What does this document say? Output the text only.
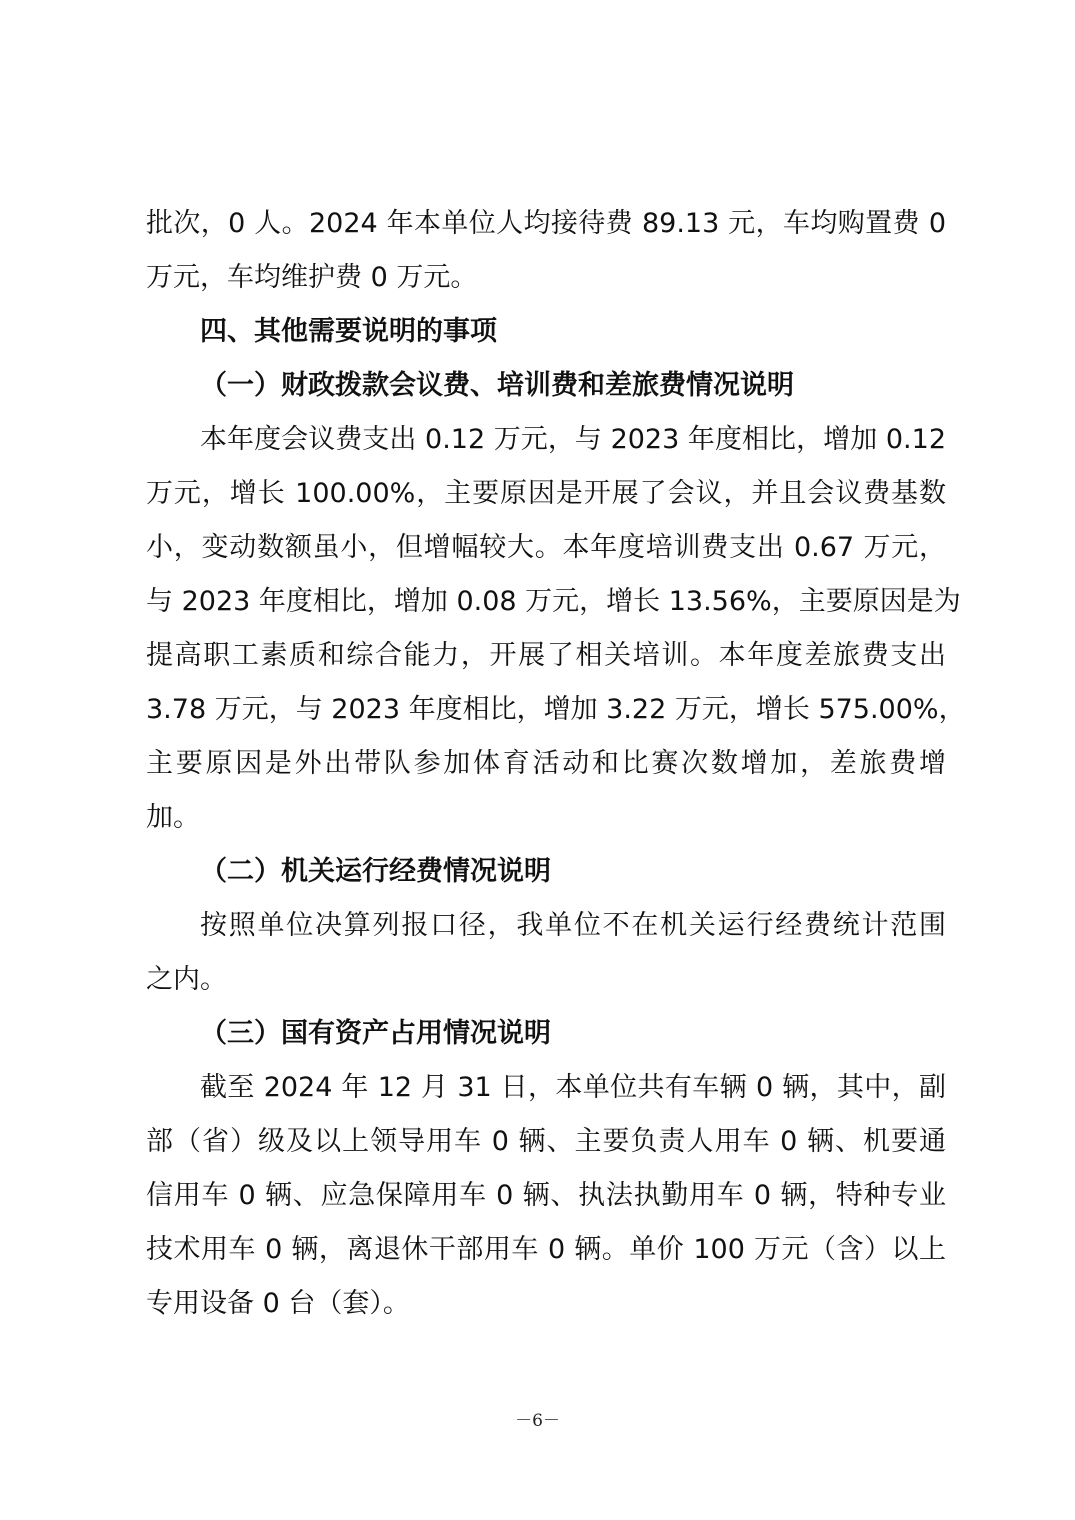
批次，0 人。2024 年本单位人均接待费 89.13 元，车均购置费 0
万元，车均维护费 0 万元。
四、其他需要说明的事项
（一）财政拨款会议费、培训费和差旅费情况说明
本年度会议费支出 0.12 万元，与 2023 年度相比，增加 0.12
万元，增长 100.00%，主要原因是开展了会议，并且会议费基数
小，变动数额虽小，但增幅较大。本年度培训费支出 0.67 万元，
与 2023 年度相比，增加 0.08 万元，增长 13.56%，主要原因是为
提高职工素质和综合能力，开展了相关培训。本年度差旅费支出
3.78 万元，与 2023 年度相比，增加 3.22 万元，增长 575.00%，
主要原因是外出带队参加体育活动和比赛次数增加，差旅费增
加。
（二）机关运行经费情况说明
按照单位决算列报口径，我单位不在机关运行经费统计范围
之内。
（三）国有资产占用情况说明
截至 2024 年 12 月 31 日，本单位共有车辆 0 辆，其中，副
部（省）级及以上领导用车 0 辆、主要负责人用车 0 辆、机要通
信用车 0 辆、应急保障用车 0 辆、执法执勤用车 0 辆，特种专业
技术用车 0 辆，离退休干部用车 0 辆。单价 100 万元（含）以上
专用设备 0 台（套）。
－6－
